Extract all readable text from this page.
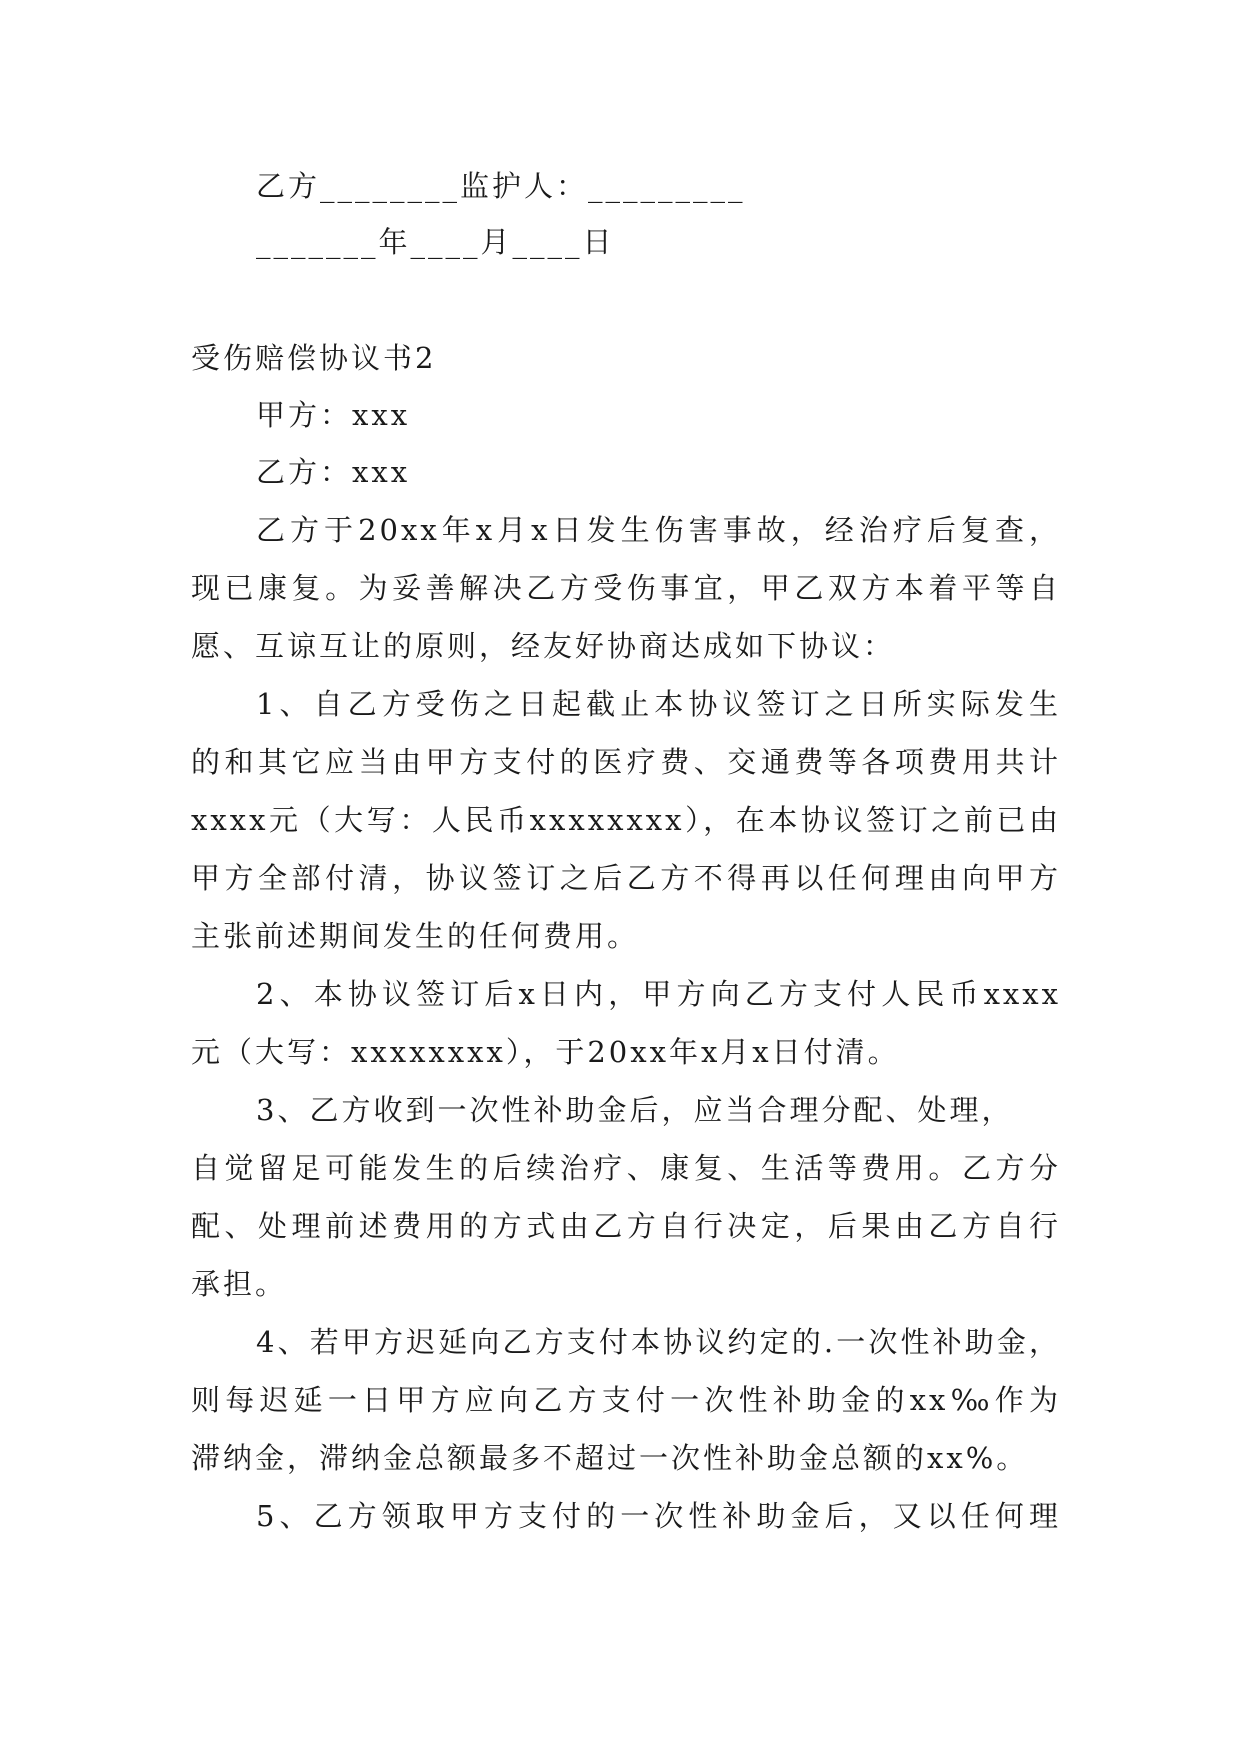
乙方________监护人：_________
_______年____月____日
受伤赔偿协议书2
甲方：xxx
乙方：xxx
乙方于20xx年x月x日发生伤害事故，经治疗后复查，
现已康复。为妥善解决乙方受伤事宜，甲乙双方本着平等自
愿、互谅互让的原则，经友好协商达成如下协议：
1、自乙方受伤之日起截止本协议签订之日所实际发生
的和其它应当由甲方支付的医疗费、交通费等各项费用共计
xxxx元（大写：人民币xxxxxxxx），在本协议签订之前已由
甲方全部付清，协议签订之后乙方不得再以任何理由向甲方
主张前述期间发生的任何费用。
2、本协议签订后x日内，甲方向乙方支付人民币xxxx
元（大写：xxxxxxxx），于20xx年x月x日付清。
3、乙方收到一次性补助金后，应当合理分配、处理，
自觉留足可能发生的后续治疗、康复、生活等费用。乙方分
配、处理前述费用的方式由乙方自行决定，后果由乙方自行
承担。
4、若甲方迟延向乙方支付本协议约定的.一次性补助金，
则每迟延一日甲方应向乙方支付一次性补助金的xx‰作为
滞纳金，滞纳金总额最多不超过一次性补助金总额的xx%。
5、乙方领取甲方支付的一次性补助金后，又以任何理
